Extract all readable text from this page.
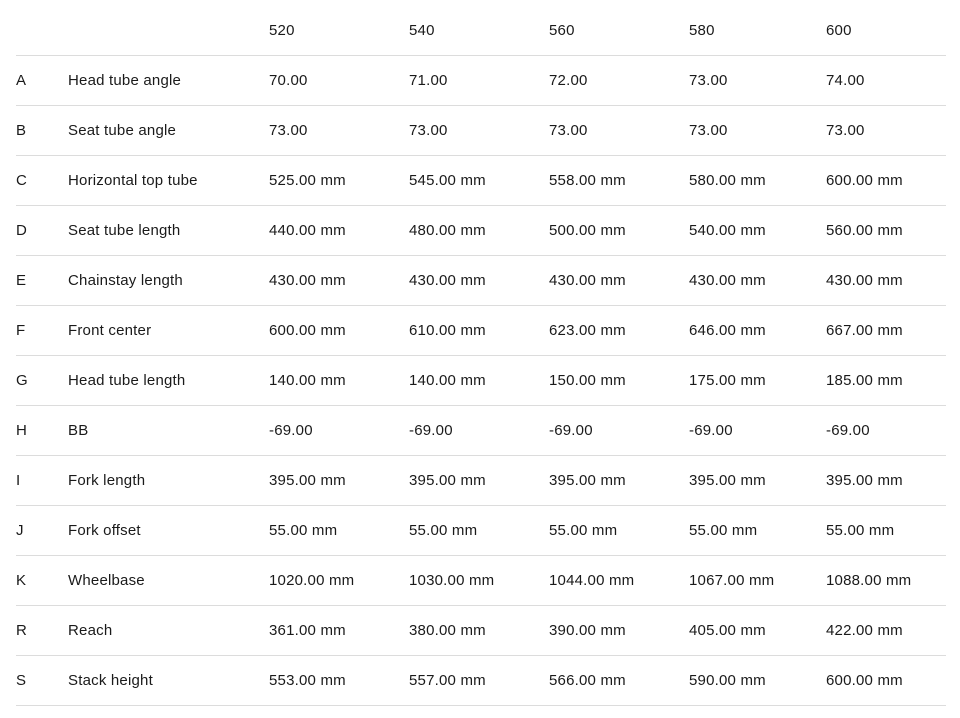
		520	540	560	580	600
A	Head tube angle	70.00	71.00	72.00	73.00	74.00
B	Seat tube angle	73.00	73.00	73.00	73.00	73.00
C	Horizontal top tube	525.00 mm	545.00 mm	558.00 mm	580.00 mm	600.00 mm
D	Seat tube length	440.00 mm	480.00 mm	500.00 mm	540.00 mm	560.00 mm
E	Chainstay length	430.00 mm	430.00 mm	430.00 mm	430.00 mm	430.00 mm
F	Front center	600.00 mm	610.00 mm	623.00 mm	646.00 mm	667.00 mm
G	Head tube length	140.00 mm	140.00 mm	150.00 mm	175.00 mm	185.00 mm
H	BB	-69.00	-69.00	-69.00	-69.00	-69.00
I	Fork length	395.00 mm	395.00 mm	395.00 mm	395.00 mm	395.00 mm
J	Fork offset	55.00 mm	55.00 mm	55.00 mm	55.00 mm	55.00 mm
K	Wheelbase	1020.00 mm	1030.00 mm	1044.00 mm	1067.00 mm	1088.00 mm
R	Reach	361.00 mm	380.00 mm	390.00 mm	405.00 mm	422.00 mm
S	Stack height	553.00 mm	557.00 mm	566.00 mm	590.00 mm	600.00 mm
